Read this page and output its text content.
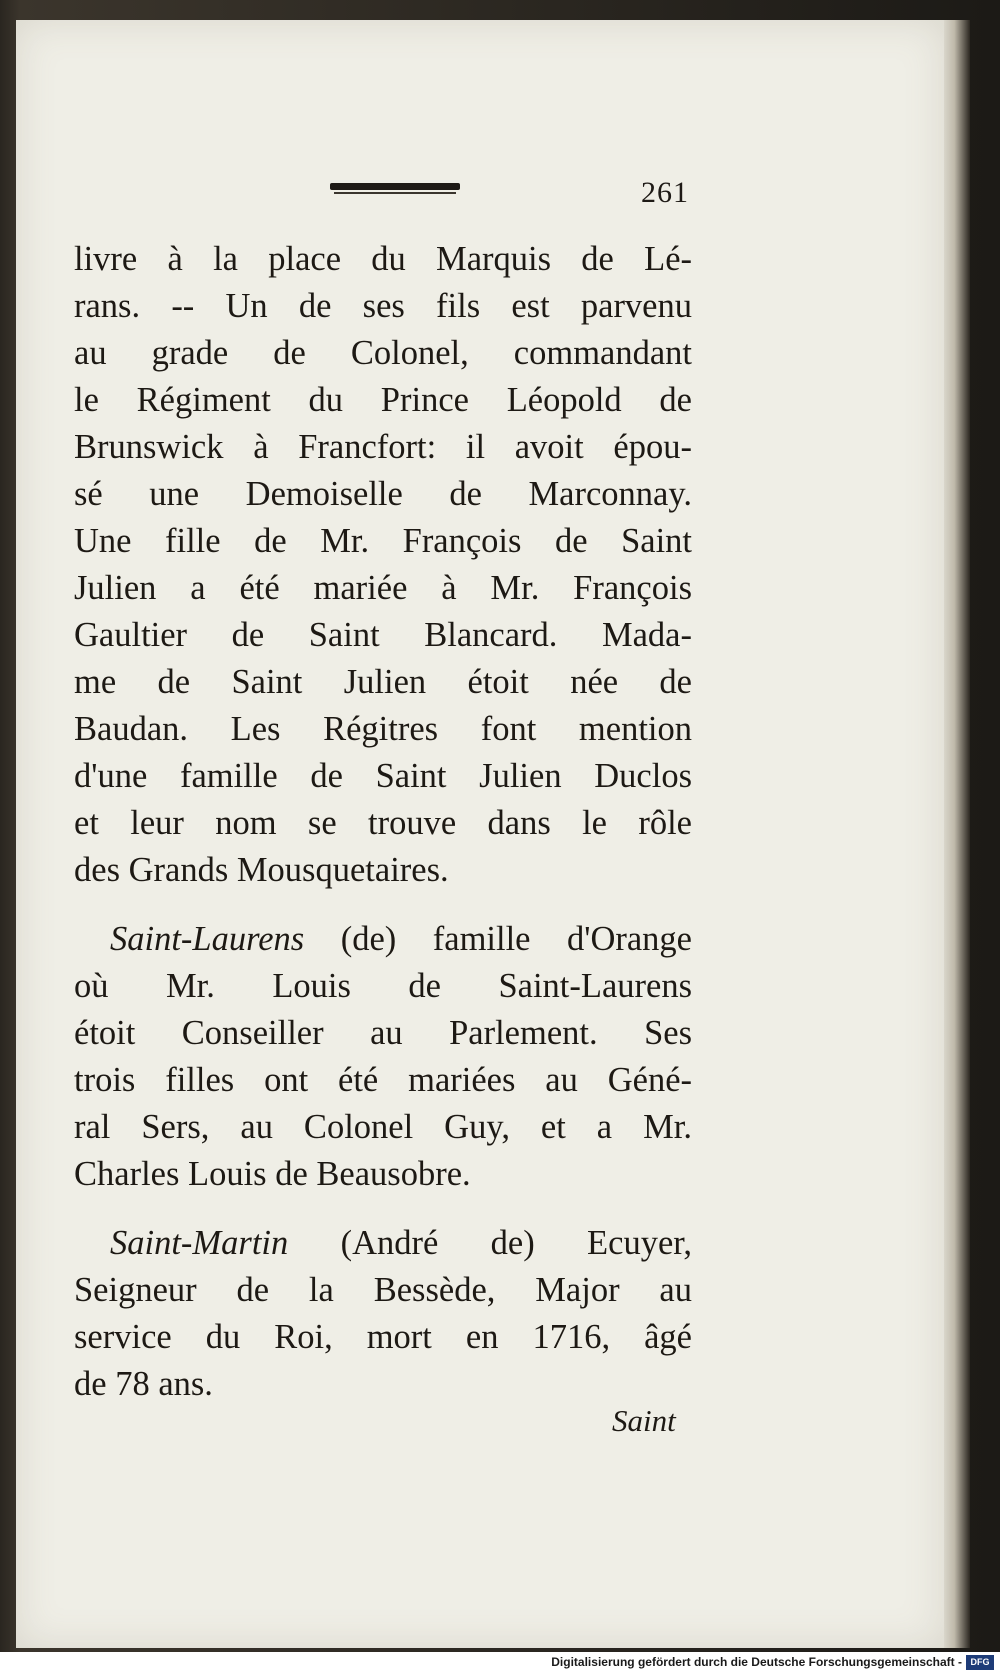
261
livre à la place du Marquis de Lé-
rans. -- Un de ses fils est parvenu
au grade de Colonel, commandant
le Régiment du Prince Léopold de
Brunswick à Francfort: il avoit épou-
sé une Demoiselle de Marconnay.
Une fille de Mr. François de Saint
Julien a été mariée à Mr. François
Gaultier de Saint Blancard. Mada-
me de Saint Julien étoit née de
Baudan. Les Régitres font mention
d'une famille de Saint Julien Duclos
et leur nom se trouve dans le rôle
des Grands Mousquetaires.
Saint-Laurens (de) famille d'Orange
où Mr. Louis de Saint-Laurens
étoit Conseiller au Parlement. Ses
trois filles ont été mariées au Géné-
ral Sers, au Colonel Guy, et a Mr.
Charles Louis de Beausobre.
Saint-Martin (André de) Ecuyer,
Seigneur de la Bessède, Major au
service du Roi, mort en 1716, âgé
de 78 ans.
Saint
Digitalisierung gefördert durch die Deutsche Forschungsgemeinschaft - DFG
